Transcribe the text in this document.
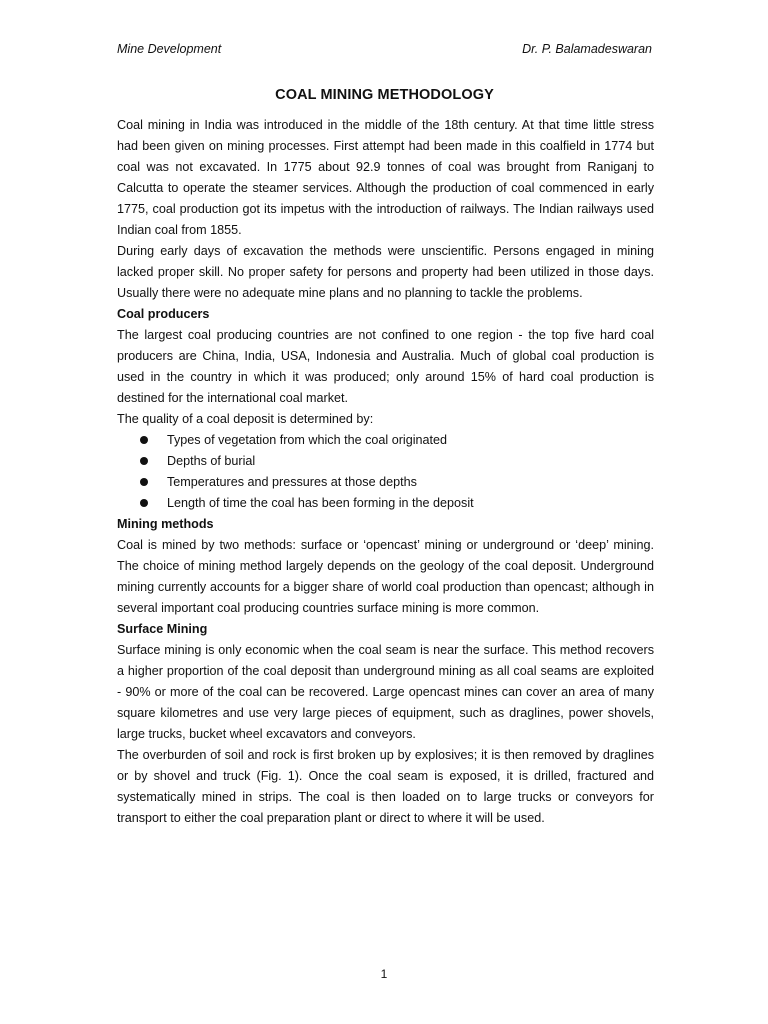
Mine Development	Dr. P. Balamadeswaran
COAL MINING METHODOLOGY

Coal mining in India was introduced in the middle of the 18th century. At that time little stress had been given on mining processes. First attempt had been made in this coalfield in 1774 but coal was not excavated. In 1775 about 92.9 tonnes of coal was brought from Raniganj to Calcutta to operate the steamer services. Although the production of coal commenced in early 1775, coal production got its impetus with the introduction of railways. The Indian railways used Indian coal from 1855.

During early days of excavation the methods were unscientific. Persons engaged in mining lacked proper skill. No proper safety for persons and property had been utilized in those days. Usually there were no adequate mine plans and no planning to tackle the problems.

Coal producers

The largest coal producing countries are not confined to one region - the top five hard coal producers are China, India, USA, Indonesia and Australia. Much of global coal production is used in the country in which it was produced; only around 15% of hard coal production is destined for the international coal market.

The quality of a coal deposit is determined by:

Types of vegetation from which the coal originated
Depths of burial
Temperatures and pressures at those depths
Length of time the coal has been forming in the deposit
Mining methods

Coal is mined by two methods: surface or ‘opencast’ mining or underground or ‘deep’ mining. The choice of mining method largely depends on the geology of the coal deposit. Underground mining currently accounts for a bigger share of world coal production than opencast; although in several important coal producing countries surface mining is more common.

Surface Mining

Surface mining is only economic when the coal seam is near the surface. This method recovers a higher proportion of the coal deposit than underground mining as all coal seams are exploited - 90% or more of the coal can be recovered. Large opencast mines can cover an area of many square kilometres and use very large pieces of equipment, such as draglines, power shovels, large trucks, bucket wheel excavators and conveyors.

The overburden of soil and rock is first broken up by explosives; it is then removed by draglines or by shovel and truck (Fig. 1). Once the coal seam is exposed, it is drilled, fractured and systematically mined in strips. The coal is then loaded on to large trucks or conveyors for transport to either the coal preparation plant or direct to where it will be used.

1
